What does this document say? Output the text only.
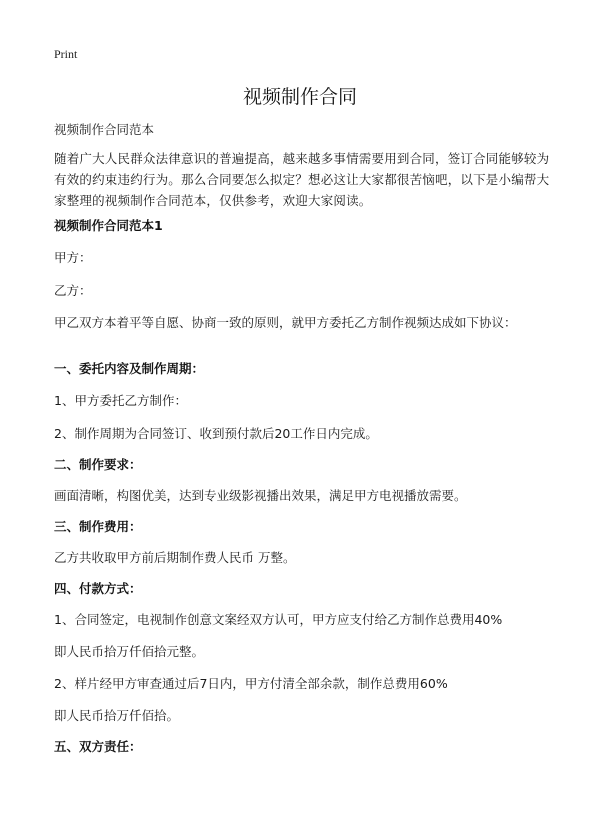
Print
视频制作合同
视频制作合同范本
随着广大人民群众法律意识的普遍提高，越来越多事情需要用到合同，签订合同能够较为有效的约束违约行为。那么合同要怎么拟定？想必这让大家都很苦恼吧，以下是小编帮大家整理的视频制作合同范本，仅供参考，欢迎大家阅读。
视频制作合同范本1
甲方：
乙方：
甲乙双方本着平等自愿、协商一致的原则，就甲方委托乙方制作视频达成如下协议：
一、委托内容及制作周期：
1、甲方委托乙方制作：
2、制作周期为合同签订、收到预付款后20工作日内完成。
二、制作要求：
画面清晰，构图优美，达到专业级影视播出效果，满足甲方电视播放需要。
三、制作费用：
乙方共收取甲方前后期制作费人民币 万整。
四、付款方式：
1、合同签定，电视制作创意文案经双方认可，甲方应支付给乙方制作总费用40%
即人民币拾万仟佰拾元整。
2、样片经甲方审查通过后7日内，甲方付清全部余款，制作总费用60%
即人民币拾万仟佰拾。
五、双方责任：
